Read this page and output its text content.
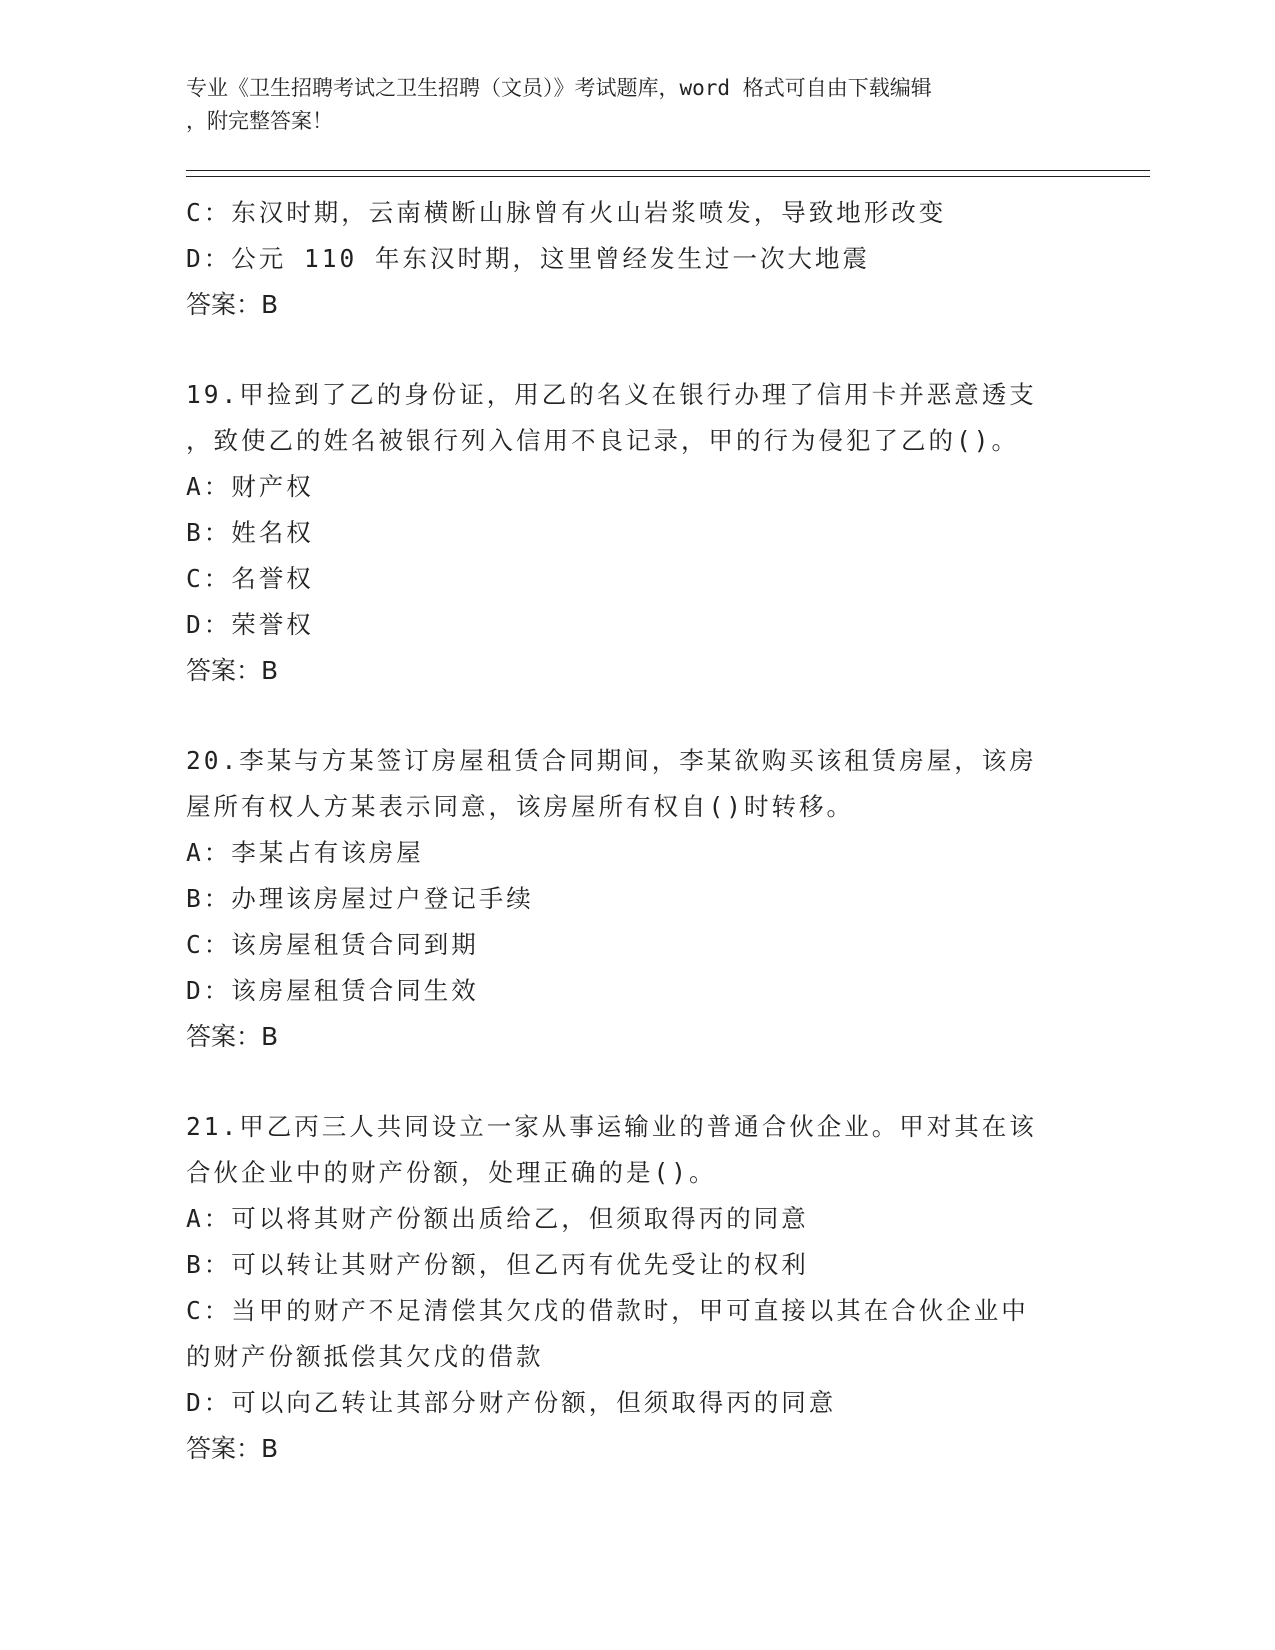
专业《卫生招聘考试之卫生招聘（文员）》考试题库，word 格式可自由下载编辑
，附完整答案！
C：东汉时期，云南横断山脉曾有火山岩浆喷发，导致地形改变
D：公元 110 年东汉时期，这里曾经发生过一次大地震
答案：B
19.甲捡到了乙的身份证，用乙的名义在银行办理了信用卡并恶意透支
，致使乙的姓名被银行列入信用不良记录，甲的行为侵犯了乙的()。
A：财产权
B：姓名权
C：名誉权
D：荣誉权
答案：B
20.李某与方某签订房屋租赁合同期间，李某欲购买该租赁房屋，该房
屋所有权人方某表示同意，该房屋所有权自()时转移。
A：李某占有该房屋
B：办理该房屋过户登记手续
C：该房屋租赁合同到期
D：该房屋租赁合同生效
答案：B
21.甲乙丙三人共同设立一家从事运输业的普通合伙企业。甲对其在该
合伙企业中的财产份额，处理正确的是()。
A：可以将其财产份额出质给乙，但须取得丙的同意
B：可以转让其财产份额，但乙丙有优先受让的权利
C：当甲的财产不足清偿其欠戊的借款时，甲可直接以其在合伙企业中
的财产份额抵偿其欠戊的借款
D：可以向乙转让其部分财产份额，但须取得丙的同意
答案：B
